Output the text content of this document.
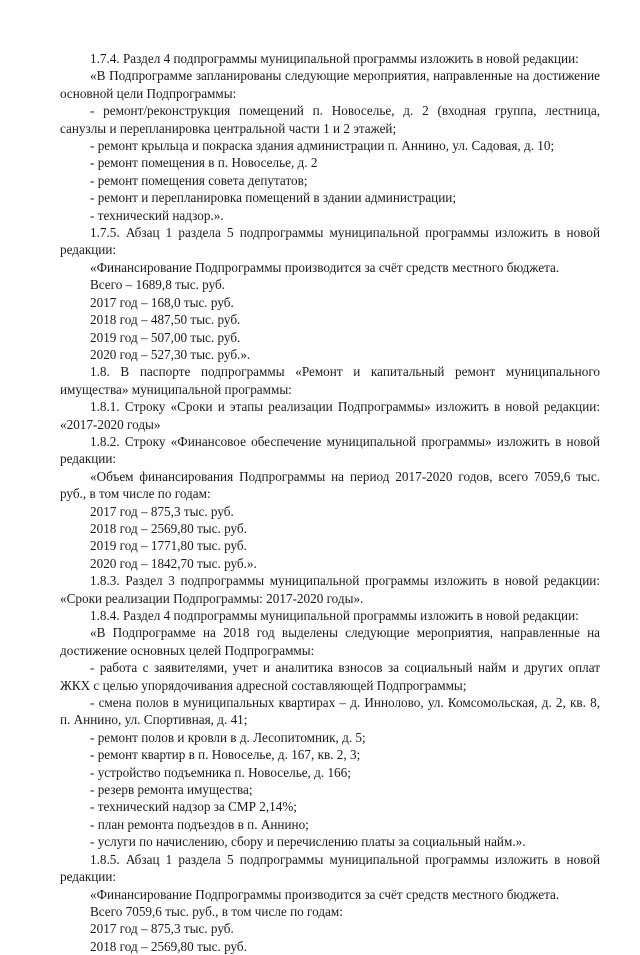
1.7.4. Раздел 4 подпрограммы муниципальной программы изложить в новой редакции:

«В Подпрограмме запланированы следующие мероприятия, направленные на достижение основной цели Подпрограммы:

- ремонт/реконструкция помещений п. Новоселье, д. 2 (входная группа, лестница, санузлы и перепланировка центральной части 1 и 2 этажей;

- ремонт крыльца и покраска здания администрации п. Аннино, ул. Садовая, д. 10;

- ремонт помещения в п. Новоселье, д. 2

- ремонт помещения совета депутатов;

- ремонт и перепланировка помещений в здании администрации;

- технический надзор.».

1.7.5. Абзац 1 раздела 5 подпрограммы муниципальной программы изложить в новой редакции:

«Финансирование Подпрограммы производится за счёт средств местного бюджета.

Всего – 1689,8 тыс. руб.

2017 год – 168,0 тыс. руб.

2018 год – 487,50 тыс. руб.

2019 год – 507,00 тыс. руб.

2020 год – 527,30 тыс. руб.».

1.8. В паспорте подпрограммы «Ремонт и капитальный ремонт муниципального имущества» муниципальной программы:

1.8.1. Строку «Сроки и этапы реализации Подпрограммы» изложить в новой редакции: «2017-2020 годы»

1.8.2. Строку «Финансовое обеспечение муниципальной программы» изложить в новой редакции:

«Объем финансирования Подпрограммы на период 2017-2020 годов, всего 7059,6 тыс. руб., в том числе по годам:

2017 год – 875,3 тыс. руб.

2018 год – 2569,80 тыс. руб.

2019 год – 1771,80 тыс. руб.

2020 год – 1842,70 тыс. руб.».

1.8.3. Раздел 3 подпрограммы муниципальной программы изложить в новой редакции: «Сроки реализации Подпрограммы: 2017-2020 годы».

1.8.4. Раздел 4 подпрограммы муниципальной программы изложить в новой редакции:

«В Подпрограмме на 2018 год выделены следующие мероприятия, направленные на достижение основных целей Подпрограммы:

- работа с заявителями, учет и аналитика взносов за социальный найм и других оплат ЖКХ с целью упорядочивания адресной составляющей Подпрограммы;

- смена полов в муниципальных квартирах – д. Иннолово, ул. Комсомольская, д. 2, кв. 8, п. Аннино, ул. Спортивная, д. 41;

- ремонт полов и кровли в д. Лесопитомник, д. 5;

- ремонт квартир в п. Новоселье, д. 167, кв. 2, 3;

- устройство подъемника п. Новоселье, д. 166;

- резерв ремонта имущества;

- технический надзор за СМР 2,14%;

- план ремонта подъездов в п. Аннино;

- услуги по начислению, сбору и перечислению платы за социальный найм.».

1.8.5. Абзац 1 раздела 5 подпрограммы муниципальной программы изложить в новой редакции:

«Финансирование Подпрограммы производится за счёт средств местного бюджета.

Всего 7059,6 тыс. руб., в том числе по годам:

2017 год – 875,3 тыс. руб.

2018 год – 2569,80 тыс. руб.
